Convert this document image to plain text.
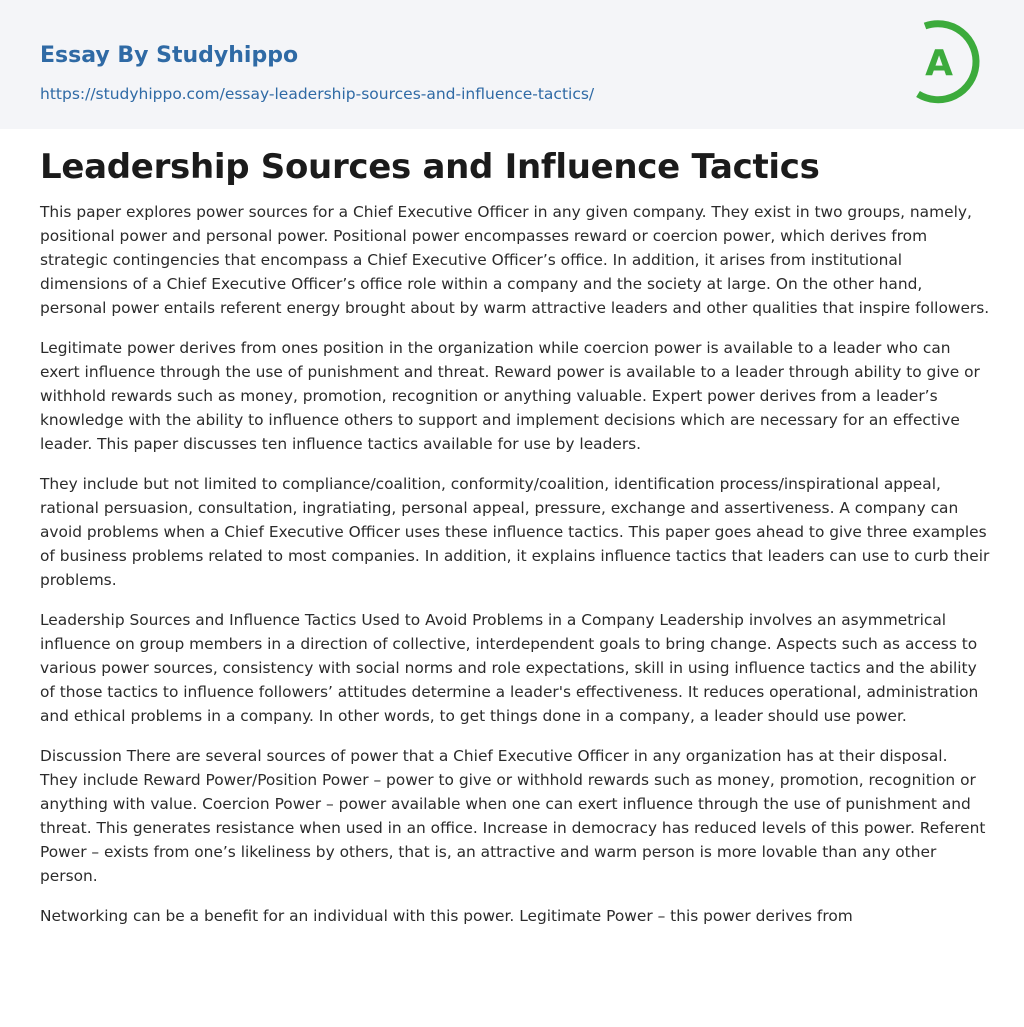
Essay By Studyhippo
https://studyhippo.com/essay-leadership-sources-and-influence-tactics/
A
Leadership Sources and Influence Tactics

This paper explores power sources for a Chief Executive Officer in any given company. They exist in two groups, namely, positional power and personal power. Positional power encompasses reward or coercion power, which derives from strategic contingencies that encompass a Chief Executive Officer’s office. In addition, it arises from institutional dimensions of a Chief Executive Officer’s office role within a company and the society at large. On the other hand, personal power entails referent energy brought about by warm attractive leaders and other qualities that inspire followers.

Legitimate power derives from ones position in the organization while coercion power is available to a leader who can exert influence through the use of punishment and threat. Reward power is available to a leader through ability to give or withhold rewards such as money, promotion, recognition or anything valuable. Expert power derives from a leader’s knowledge with the ability to influence others to support and implement decisions which are necessary for an effective leader. This paper discusses ten influence tactics available for use by leaders.

They include but not limited to compliance/coalition, conformity/coalition, identification process/inspirational appeal, rational persuasion, consultation, ingratiating, personal appeal, pressure, exchange and assertiveness. A company can avoid problems when a Chief Executive Officer uses these influence tactics. This paper goes ahead to give three examples of business problems related to most companies. In addition, it explains influence tactics that leaders can use to curb their problems.

Leadership Sources and Influence Tactics Used to Avoid Problems in a Company Leadership involves an asymmetrical influence on group members in a direction of collective, interdependent goals to bring change. Aspects such as access to various power sources, consistency with social norms and role expectations, skill in using influence tactics and the ability of those tactics to influence followers’ attitudes determine a leader's effectiveness. It reduces operational, administration and ethical problems in a company. In other words, to get things done in a company, a leader should use power.

Discussion There are several sources of power that a Chief Executive Officer in any organization has at their disposal. They include Reward Power/Position Power – power to give or withhold rewards such as money, promotion, recognition or anything with value. Coercion Power – power available when one can exert influence through the use of punishment and threat. This generates resistance when used in an office. Increase in democracy has reduced levels of this power. Referent Power – exists from one’s likeliness by others, that is, an attractive and warm person is more lovable than any other person.

Networking can be a benefit for an individual with this power. Legitimate Power – this power derives from
